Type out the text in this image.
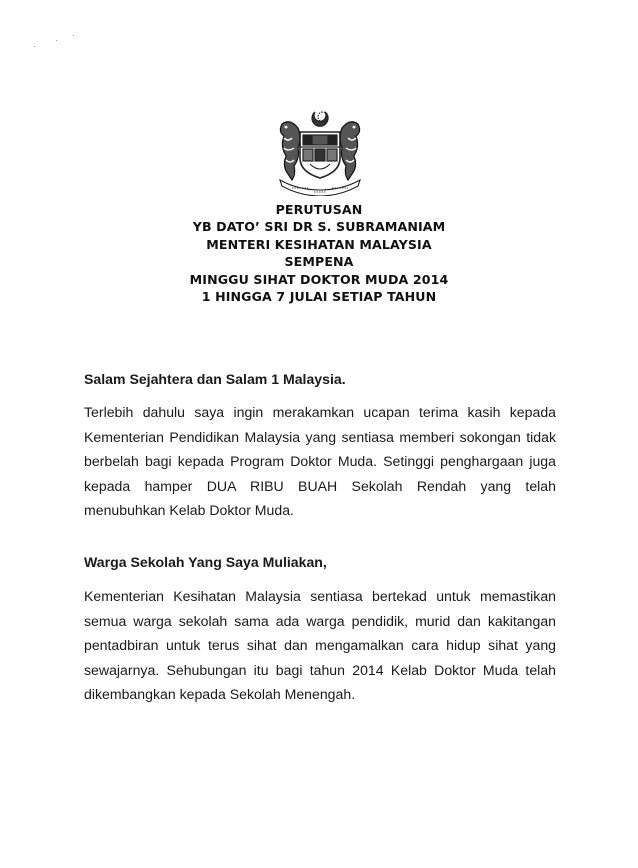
PERUTUSAN
YB DATO’ SRI DR S. SUBRAMANIAM
MENTERI KESIHATAN MALAYSIA
SEMPENA
MINGGU SIHAT DOKTOR MUDA 2014
1 HINGGA 7 JULAI SETIAP TAHUN
Salam Sejahtera dan Salam 1 Malaysia.
Terlebih dahulu saya ingin merakamkan ucapan terima kasih kepada Kementerian Pendidikan Malaysia yang sentiasa memberi sokongan tidak berbelah bagi kepada Program Doktor Muda. Setinggi penghargaan juga kepada hamper DUA RIBU BUAH Sekolah Rendah yang telah menubuhkan Kelab Doktor Muda.
Warga Sekolah Yang Saya Muliakan,
Kementerian Kesihatan Malaysia sentiasa bertekad untuk memastikan semua warga sekolah sama ada warga pendidik, murid dan kakitangan pentadbiran untuk terus sihat dan mengamalkan cara hidup sihat yang sewajarnya. Sehubungan itu bagi tahun 2014 Kelab Doktor Muda telah dikembangkan kepada Sekolah Menengah.
